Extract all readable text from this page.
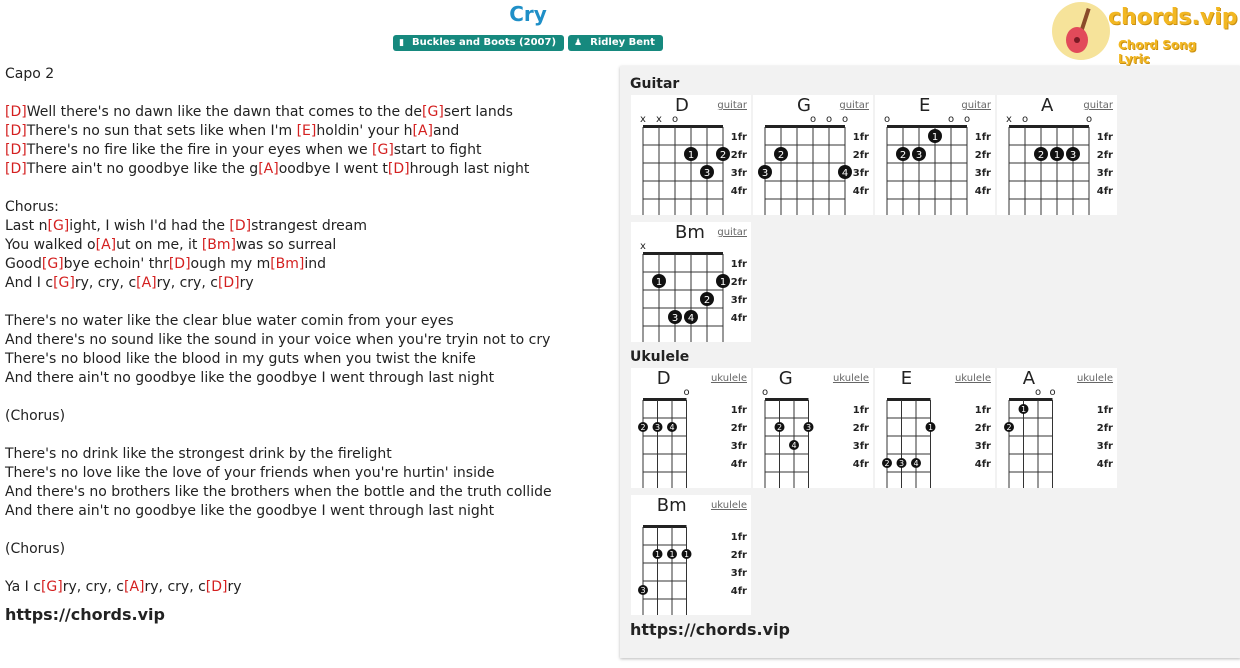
Cry
▮ Buckles and Boots (2007) ♟ Ridley Bent
chords.vip
Chord Song Lyric
Capo 2
[D]Well there's no dawn like the dawn that comes to the de[G]sert lands
[D]There's no sun that sets like when I'm [E]holdin' your h[A]and
[D]There's no fire like the fire in your eyes when we [G]start to fight
[D]There ain't no goodbye like the g[A]oodbye I went t[D]hrough last night
Chorus:
Last n[G]ight, I wish I'd had the [D]strangest dream
You walked o[A]ut on me, it [Bm]was so surreal
Good[G]bye echoin' thr[D]ough my m[Bm]ind
And I c[G]ry, cry, c[A]ry, cry, c[D]ry
There's no water like the clear blue water comin from your eyes
And there's no sound like the sound in your voice when you're tryin not to cry
There's no blood like the blood in my guts when you twist the knife
And there ain't no goodbye like the goodbye I went through last night
(Chorus)
There's no drink like the strongest drink by the firelight
There's no love like the love of your friends when you're hurtin' inside
And there's no brothers like the brothers when the bottle and the truth collide
And there ain't no goodbye like the goodbye I went through last night
(Chorus)
Ya I c[G]ry, cry, c[A]ry, cry, c[D]ry
https://chords.vip
Guitar
Ukulele
D	guitar
x x o
1	2
3
1fr
2fr
3fr
4fr
G	guitar
o o o
2
3	4
1fr
2fr
3fr
4fr
E	guitar
o	o o
1
2 3
1fr
2fr
3fr
4fr
A	guitar
x o	o
2 1 3
1fr
2fr
3fr
4fr
Bm guitar
x
1	1
2
3 4
1fr
2fr
3fr
4fr
D	ukulele
o
2 3 4
1fr
2fr
3fr
4fr
G	ukulele
o
2	3
4
1fr
2fr
3fr
4fr
E	ukulele
1
2 3 4
1fr
2fr
3fr
4fr
A	ukulele
o o
1
2
1fr
2fr
3fr
4fr
Bm ukulele
1 1 1
3
1fr
2fr
3fr
4fr
https://chords.vip
